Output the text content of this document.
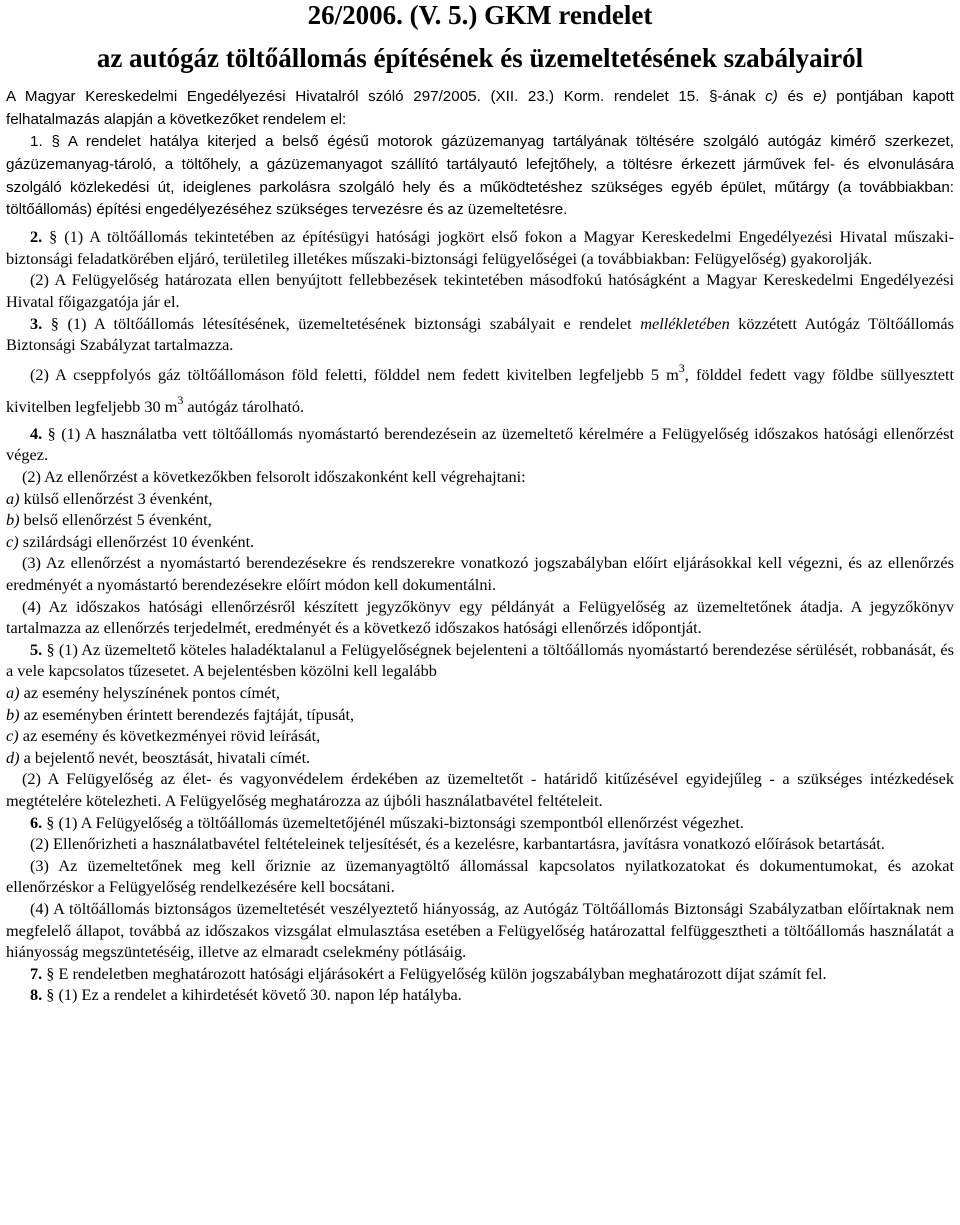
26/2006. (V. 5.) GKM rendelet
az autógáz töltőállomás építésének és üzemeltetésének szabályairól

A Magyar Kereskedelmi Engedélyezési Hivatalról szóló 297/2005. (XII. 23.) Korm. rendelet 15. §-ának c) és e) pontjában kapott felhatalmazás alapján a következőket rendelem el:

1. § A rendelet hatálya kiterjed a belső égésű motorok gázüzemanyag tartályának töltésére szolgáló autógáz kimérő szerkezet, gázüzemanyag-tároló, a töltőhely, a gázüzemanyagot szállító tartályautó lefejtőhely, a töltésre érkezett járművek fel- és elvonulására szolgáló közlekedési út, ideiglenes parkolásra szolgáló hely és a működtetéshez szükséges egyéb épület, műtárgy (a továbbiakban: töltőállomás) építési engedélyezéséhez szükséges tervezésre és az üzemeltetésre.

2. § (1) A töltőállomás tekintetében az építésügyi hatósági jogkört első fokon a Magyar Kereskedelmi Engedélyezési Hivatal műszaki-biztonsági feladatkörében eljáró, területileg illetékes műszaki-biztonsági felügyelőségei (a továbbiakban: Felügyelőség) gyakorolják.

(2) A Felügyelőség határozata ellen benyújtott fellebbezések tekintetében másodfokú hatóságként a Magyar Kereskedelmi Engedélyezési Hivatal főigazgatója jár el.

3. § (1) A töltőállomás létesítésének, üzemeltetésének biztonsági szabályait e rendelet mellékletében közzétett Autógáz Töltőállomás Biztonsági Szabályzat tartalmazza.

(2) A cseppfolyós gáz töltőállomáson föld feletti, földdel nem fedett kivitelben legfeljebb 5 $m^3$, földdel fedett vagy földbe süllyesztett kivitelben legfeljebb 30 $m^3$ autógáz tárolható.

4. § (1) A használatba vett töltőállomás nyomástartó berendezésein az üzemeltető kérelmére a Felügyelőség időszakos hatósági ellenőrzést végez.

(2) Az ellenőrzést a következőkben felsorolt időszakonként kell végrehajtani:

a) külső ellenőrzést 3 évenként,

b) belső ellenőrzést 5 évenként,

c) szilárdsági ellenőrzést 10 évenként.

(3) Az ellenőrzést a nyomástartó berendezésekre és rendszerekre vonatkozó jogszabályban előírt eljárásokkal kell végezni, és az ellenőrzés eredményét a nyomástartó berendezésekre előírt módon kell dokumentálni.

(4) Az időszakos hatósági ellenőrzésről készített jegyzőkönyv egy példányát a Felügyelőség az üzemeltetőnek átadja. A jegyzőkönyv tartalmazza az ellenőrzés terjedelmét, eredményét és a következő időszakos hatósági ellenőrzés időpontját.

5. § (1) Az üzemeltető köteles haladéktalanul a Felügyelőségnek bejelenteni a töltőállomás nyomástartó berendezése sérülését, robbanását, és a vele kapcsolatos tűzesetet. A bejelentésben közölni kell legalább

a) az esemény helyszínének pontos címét,

b) az eseményben érintett berendezés fajtáját, típusát,

c) az esemény és következményei rövid leírását,

d) a bejelentő nevét, beosztását, hivatali címét.

(2) A Felügyelőség az élet- és vagyonvédelem érdekében az üzemeltetőt - határidő kitűzésével egyidejűleg - a szükséges intézkedések megtételére kötelezheti. A Felügyelőség meghatározza az újbóli használatbavétel feltételeit.

6. § (1) A Felügyelőség a töltőállomás üzemeltetőjénél műszaki-biztonsági szempontból ellenőrzést végezhet.

(2) Ellenőrizheti a használatbavétel feltételeinek teljesítését, és a kezelésre, karbantartásra, javításra vonatkozó előírások betartását.

(3) Az üzemeltetőnek meg kell őriznie az üzemanyagtöltő állomással kapcsolatos nyilatkozatokat és dokumentumokat, és azokat ellenőrzéskor a Felügyelőség rendelkezésére kell bocsátani.

(4) A töltőállomás biztonságos üzemeltetését veszélyeztető hiányosság, az Autógáz Töltőállomás Biztonsági Szabályzatban előírtaknak nem megfelelő állapot, továbbá az időszakos vizsgálat elmulasztása esetében a Felügyelőség határozattal felfüggesztheti a töltőállomás használatát a hiányosság megszüntetéséig, illetve az elmaradt cselekmény pótlásáig.

7. § E rendeletben meghatározott hatósági eljárásokért a Felügyelőség külön jogszabályban meghatározott díjat számít fel.

8. § (1) Ez a rendelet a kihirdetését követő 30. napon lép hatályba.
